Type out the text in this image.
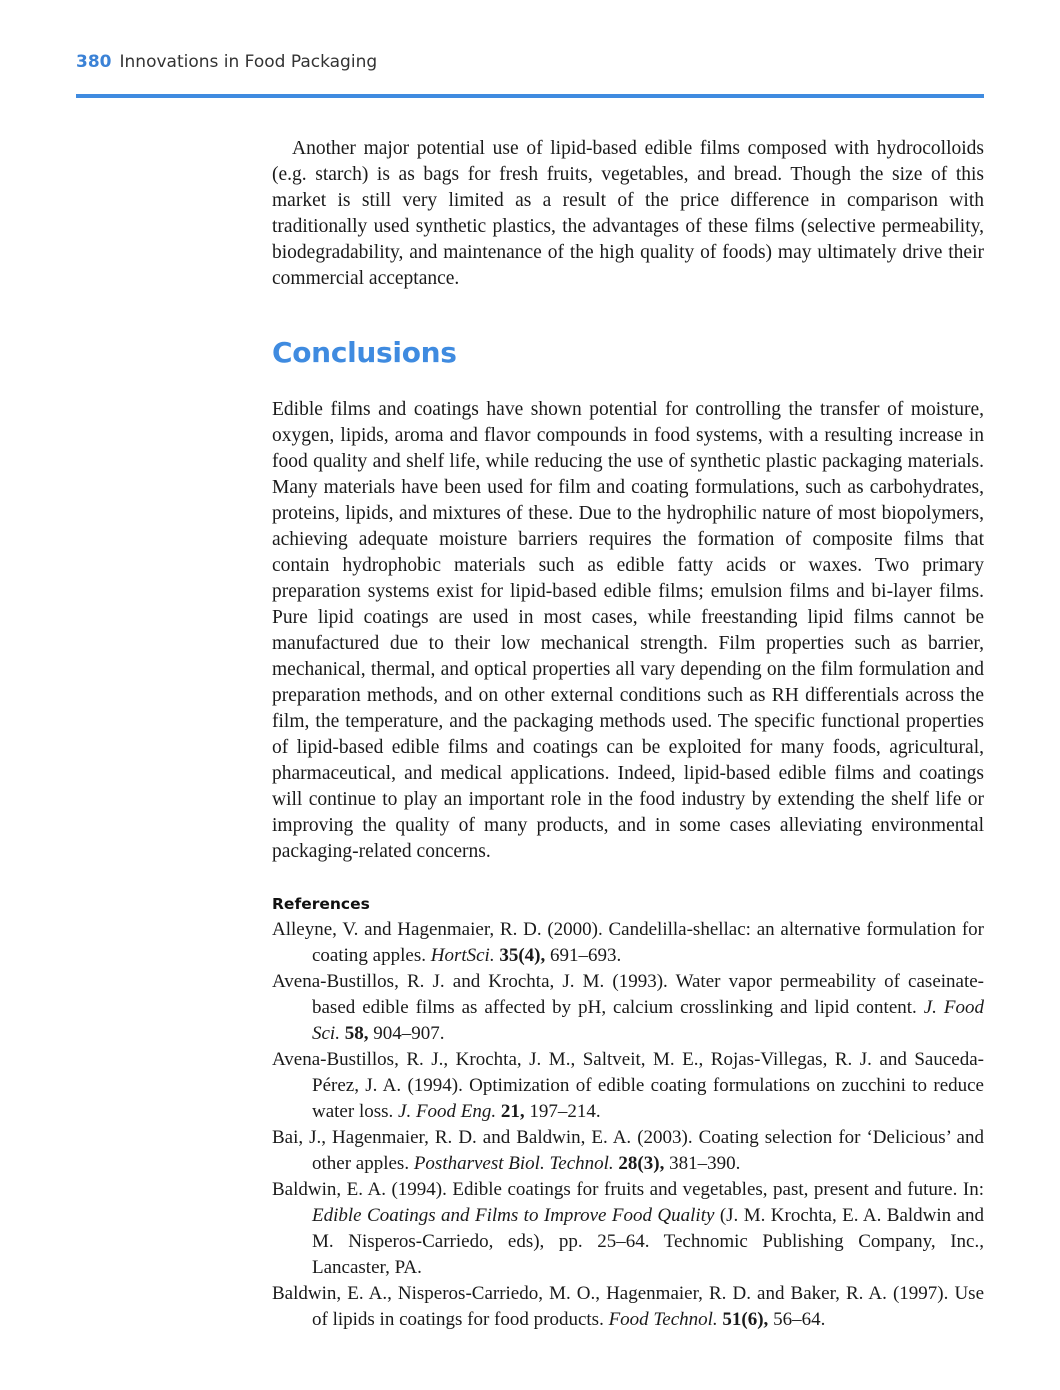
380 Innovations in Food Packaging

Another major potential use of lipid-based edible films composed with hydrocolloids (e.g. starch) is as bags for fresh fruits, vegetables, and bread. Though the size of this market is still very limited as a result of the price difference in comparison with traditionally used synthetic plastics, the advantages of these films (selective permeability, biodegradability, and maintenance of the high quality of foods) may ultimately drive their commercial acceptance.

Conclusions

Edible films and coatings have shown potential for controlling the transfer of moisture, oxygen, lipids, aroma and flavor compounds in food systems, with a resulting increase in food quality and shelf life, while reducing the use of synthetic plastic packaging materials. Many materials have been used for film and coating formulations, such as carbohydrates, proteins, lipids, and mixtures of these. Due to the hydrophilic nature of most biopolymers, achieving adequate moisture barriers requires the formation of composite films that contain hydrophobic materials such as edible fatty acids or waxes. Two primary preparation systems exist for lipid-based edible films; emulsion films and bi-layer films. Pure lipid coatings are used in most cases, while freestanding lipid films cannot be manufactured due to their low mechanical strength. Film properties such as barrier, mechanical, thermal, and optical properties all vary depending on the film formulation and preparation methods, and on other external conditions such as RH differentials across the film, the temperature, and the packaging methods used. The specific functional properties of lipid-based edible films and coatings can be exploited for many foods, agricultural, pharmaceutical, and medical applications. Indeed, lipid-based edible films and coatings will continue to play an important role in the food industry by extending the shelf life or improving the quality of many products, and in some cases alleviating environmental packaging-related concerns.

References

Alleyne, V. and Hagenmaier, R. D. (2000). Candelilla-shellac: an alternative formulation for coating apples. HortSci. 35(4), 691–693.

Avena-Bustillos, R. J. and Krochta, J. M. (1993). Water vapor permeability of caseinate-based edible films as affected by pH, calcium crosslinking and lipid content. J. Food Sci. 58, 904–907.

Avena-Bustillos, R. J., Krochta, J. M., Saltveit, M. E., Rojas-Villegas, R. J. and Sauceda-Pérez, J. A. (1994). Optimization of edible coating formulations on zucchini to reduce water loss. J. Food Eng. 21, 197–214.

Bai, J., Hagenmaier, R. D. and Baldwin, E. A. (2003). Coating selection for ‘Delicious’ and other apples. Postharvest Biol. Technol. 28(3), 381–390.

Baldwin, E. A. (1994). Edible coatings for fruits and vegetables, past, present and future. In: Edible Coatings and Films to Improve Food Quality (J. M. Krochta, E. A. Baldwin and M. Nisperos-Carriedo, eds), pp. 25–64. Technomic Publishing Company, Inc., Lancaster, PA.

Baldwin, E. A., Nisperos-Carriedo, M. O., Hagenmaier, R. D. and Baker, R. A. (1997). Use of lipids in coatings for food products. Food Technol. 51(6), 56–64.
